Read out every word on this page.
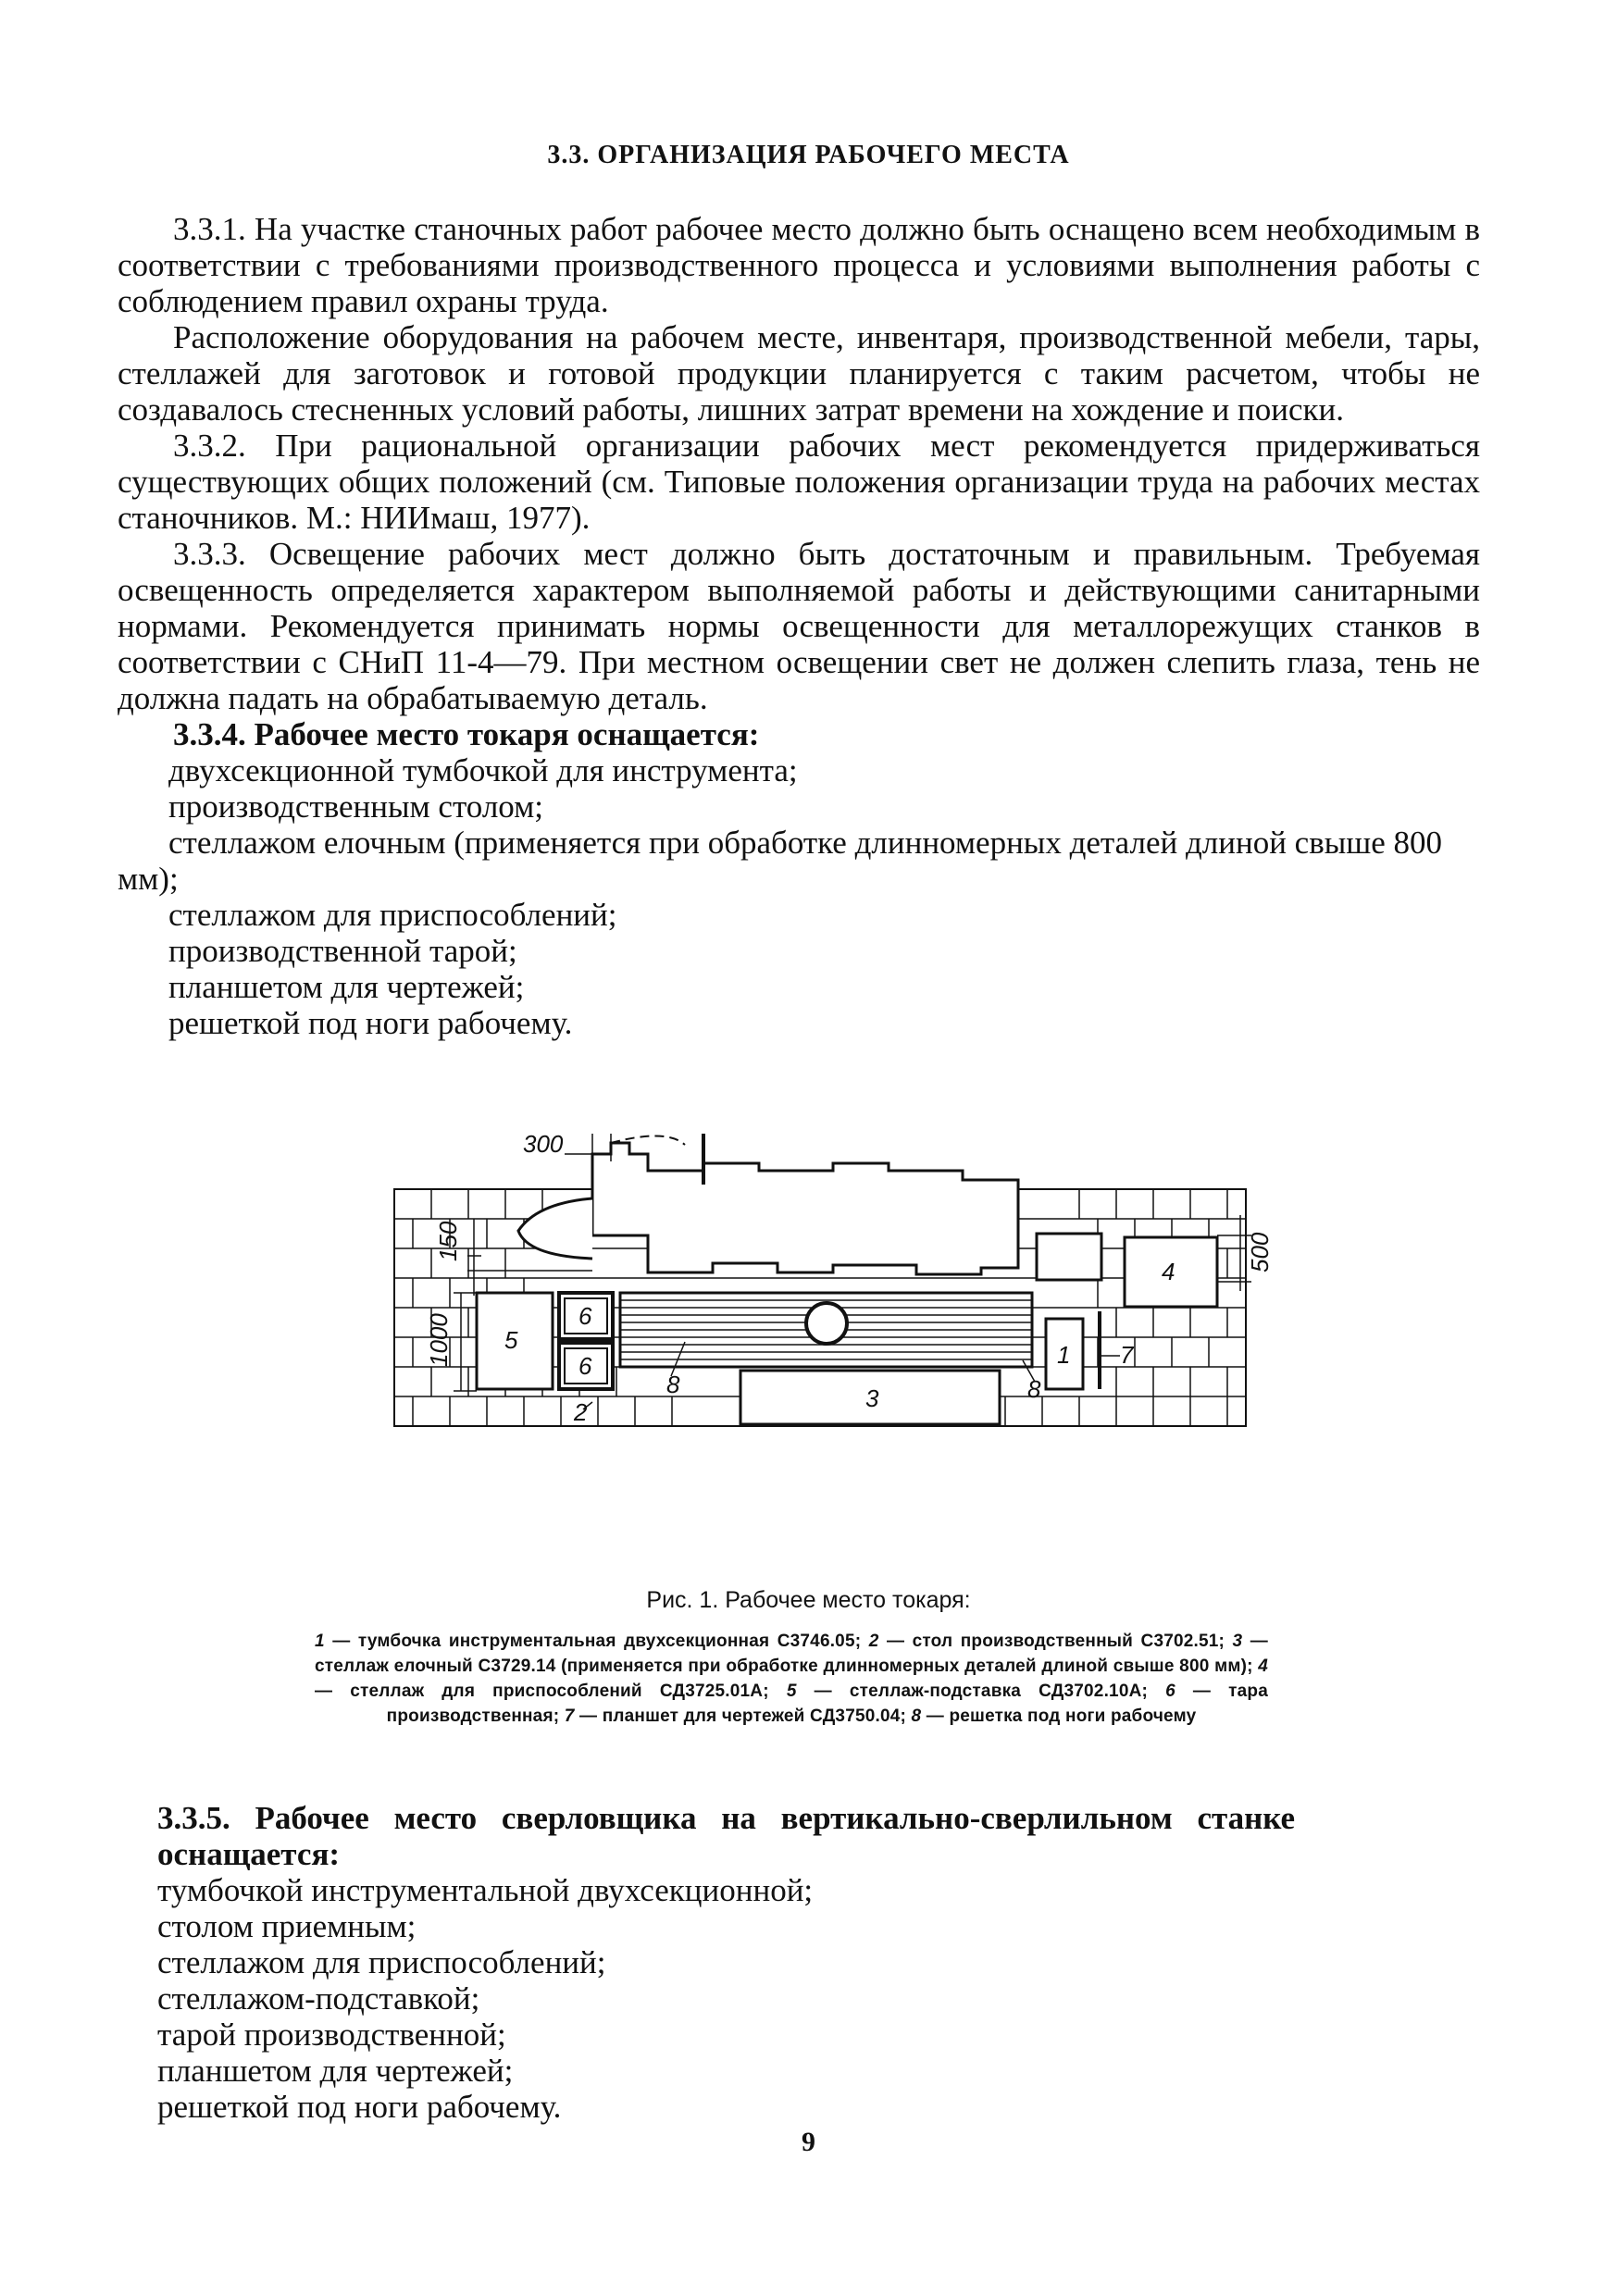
3.3. ОРГАНИЗАЦИЯ РАБОЧЕГО МЕСТА

3.3.1. На участке станочных работ рабочее место должно быть оснащено всем необходимым в соответствии с требованиями производственного процесса и условиями выполнения работы с соблюдением правил охраны труда.

Расположение оборудования на рабочем месте, инвентаря, производственной мебели, тары, стеллажей для заготовок и готовой продукции планируется с таким расчетом, чтобы не создавалось стесненных условий работы, лишних затрат времени на хождение и поиски.

3.3.2. При рациональной организации рабочих мест рекомендуется придерживаться существующих общих положений (см. Типовые положения организации труда на рабочих местах станочников. М.: НИИмаш, 1977).

3.3.3. Освещение рабочих мест должно быть достаточным и правильным. Требуемая освещенность определяется характером выполняемой работы и действующими санитарными нормами. Рекомендуется принимать нормы освещенности для металлорежущих станков в соответствии с СНиП 11-4—79. При местном освещении свет не должен слепить глаза, тень не должна падать на обрабатываемую деталь.

3.3.4. Рабочее место токаря оснащается:

двухсекционной тумбочкой для инструмента;

производственным столом;

стеллажом елочным (применяется при обработке длинномерных деталей длиной свыше 800 мм);

стеллажом для приспособлений;

производственной тарой;

планшетом для чертежей;

решеткой под ноги рабочему.

300
150
1000
500
4
5
6
6
2
8	8
3
1 7
Рис. 1. Рабочее место токаря:
1 — тумбочка инструментальная двухсекционная С3746.05; 2 — стол производственный С3702.51; 3 — стеллаж елочный С3729.14 (применяется при обработке длинномерных деталей длиной свыше 800 мм); 4 — стеллаж для приспособлений СД3725.01А; 5 — стеллаж-подставка СД3702.10А; 6 — тара производственная; 7 — планшет для чертежей СД3750.04; 8 — решетка под ноги рабочему

3.3.5. Рабочее место сверловщика на вертикально-сверлильном станке оснащается:

тумбочкой инструментальной двухсекционной;

столом приемным;

стеллажом для приспособлений;

стеллажом-подставкой;

тарой производственной;

планшетом для чертежей;

решеткой под ноги рабочему.

9
